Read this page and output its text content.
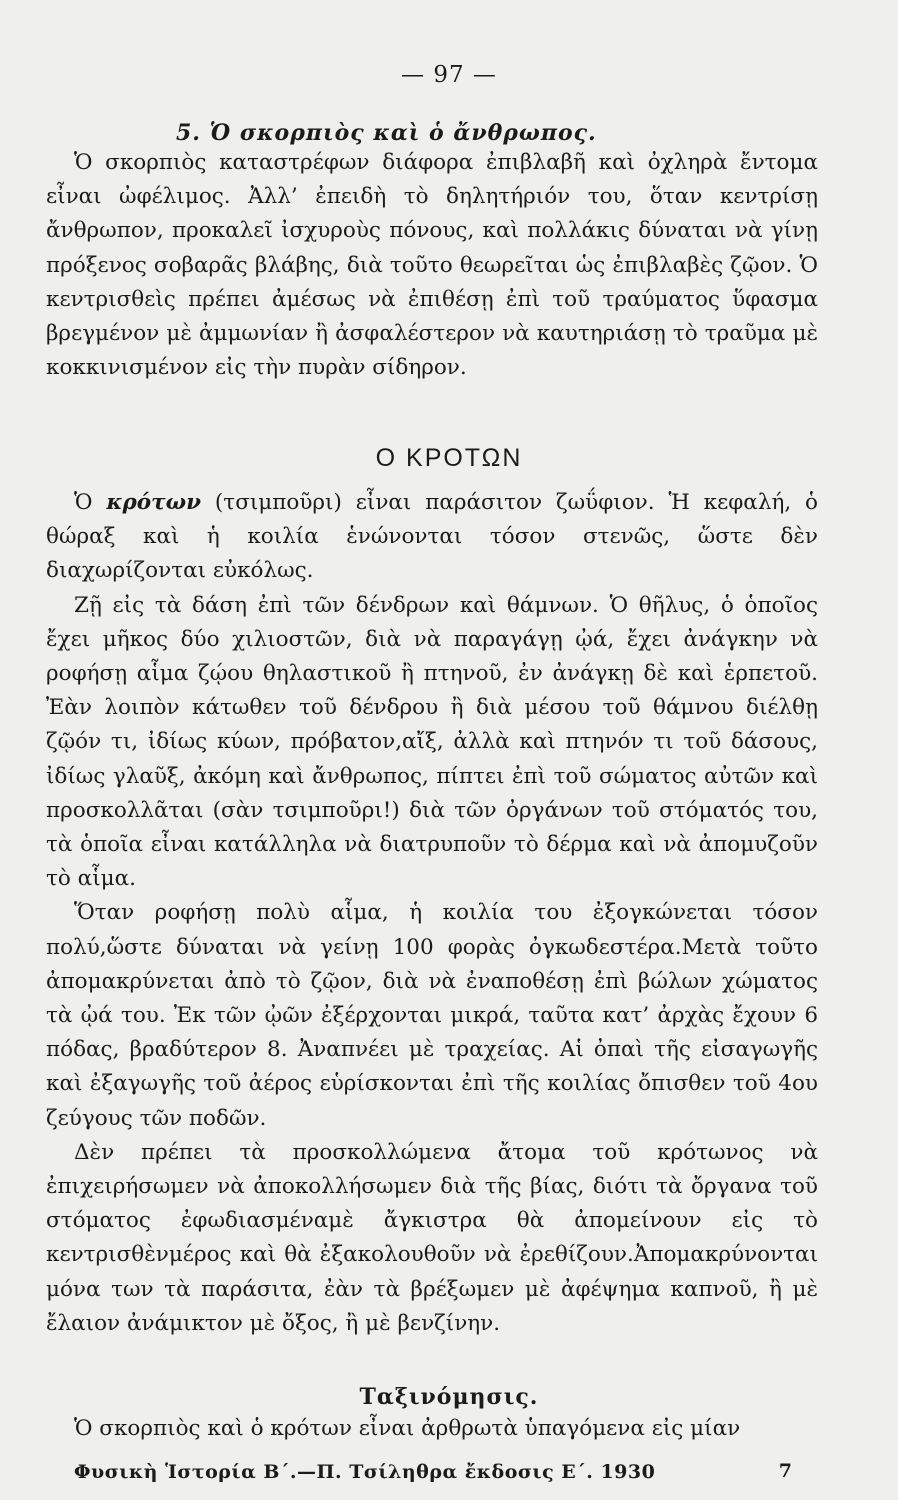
— 97 —
5. Ὁ σκορπιὸς καὶ ὁ ἄνθρωπος.
Ὁ σκορπιὸς καταστρέφων διάφορα ἐπιβλαβῆ καὶ ὀχληρὰ ἔντομα εἶναι ὠφέλιμος. Ἀλλ’ ἐπειδὴ τὸ δηλητήριόν του, ὅταν κεντρίσῃ ἄνθρωπον, προκαλεῖ ἰσχυροὺς πόνους, καὶ πολλάκις δύναται νὰ γίνῃ πρόξενος σοβαρᾶς βλάβης, διὰ τοῦτο θεωρεῖται ὡς ἐπιβλαβὲς ζῷον. Ὁ κεντρισθεὶς πρέπει ἀμέσως νὰ ἐπιθέσῃ ἐπὶ τοῦ τραύματος ὕφασμα βρεγμένον μὲ ἀμμωνίαν ἢ ἀσφαλέστερον νὰ καυτηριάσῃ τὸ τραῦμα μὲ κοκκινισμένον εἰς τὴν πυρὰν σίδηρον.
Ο ΚΡΟΤΩΝ

Ὁ κρότων (τσιμποῦρι) εἶναι παράσιτον ζωΰφιον. Ἡ κεφαλή, ὁ θώραξ καὶ ἡ κοιλία ἑνώνονται τόσον στενῶς, ὥστε δὲν διαχωρίζονται εὐκόλως.

Ζῇ εἰς τὰ δάση ἐπὶ τῶν δένδρων καὶ θάμνων. Ὁ θῆλυς, ὁ ὁποῖος ἔχει μῆκος δύο χιλιοστῶν, διὰ νὰ παραγάγῃ ᾠά, ἔχει ἀνάγκην νὰ ροφήσῃ αἷμα ζῴου θηλαστικοῦ ἢ πτηνοῦ, ἐν ἀνάγκῃ δὲ καὶ ἑρπετοῦ. Ἐὰν λοιπὸν κάτωθεν τοῦ δένδρου ἢ διὰ μέσου τοῦ θάμνου διέλθῃ ζῷόν τι, ἰδίως κύων, πρόβατον,αἴξ, ἀλλὰ καὶ πτηνόν τι τοῦ δάσους, ἰδίως γλαῦξ, ἀκόμη καὶ ἄνθρωπος, πίπτει ἐπὶ τοῦ σώματος αὐτῶν καὶ προσκολλᾶται (σὰν τσιμποῦρι!) διὰ τῶν ὀργάνων τοῦ στόματός του, τὰ ὁποῖα εἶναι κατάλληλα νὰ διατρυποῦν τὸ δέρμα καὶ νὰ ἀπομυζοῦν τὸ αἷμα.

Ὅταν ροφήσῃ πολὺ αἷμα, ἡ κοιλία του ἐξογκώνεται τόσον πολύ,ὥστε δύναται νὰ γείνῃ 100 φορὰς ὀγκωδεστέρα.Μετὰ τοῦτο ἀπομακρύνεται ἀπὸ τὸ ζῷον, διὰ νὰ ἐναποθέσῃ ἐπὶ βώλων χώματος τὰ ᾠά του. Ἐκ τῶν ᾠῶν ἐξέρχονται μικρά, ταῦτα κατ’ ἀρχὰς ἔχουν 6 πόδας, βραδύτερον 8. Ἀναπνέει μὲ τραχείας. Αἱ ὀπαὶ τῆς εἰσαγωγῆς καὶ ἐξαγωγῆς τοῦ ἀέρος εὑρίσκονται ἐπὶ τῆς κοιλίας ὄπισθεν τοῦ 4ου ζεύγους τῶν ποδῶν.

Δὲν πρέπει τὰ προσκολλώμενα ἄτομα τοῦ κρότωνος νὰ ἐπιχειρήσωμεν νὰ ἀποκολλήσωμεν διὰ τῆς βίας, διότι τὰ ὄργανα τοῦ στόματος ἐφωδιασμέναμὲ ἄγκιστρα θὰ ἀπομείνουν εἰς τὸ κεντρισθὲνμέρος καὶ θὰ ἐξακολουθοῦν νὰ ἐρεθίζουν.Ἀπομακρύνονται μόνα των τὰ παράσιτα, ἐὰν τὰ βρέξωμεν μὲ ἀφέψημα καπνοῦ, ἢ μὲ ἔλαιον ἀνάμικτον μὲ ὄξος, ἢ μὲ βενζίνην.

Ταξινόμησις.
Ὁ σκορπιὸς καὶ ὁ κρότων εἶναι ἀρθρωτὰ ὑπαγόμενα εἰς μίαν
Φυσικὴ Ἱστορία Β΄.—Π. Τσίληθρα ἔκδοσις Ε΄. 1930	7
